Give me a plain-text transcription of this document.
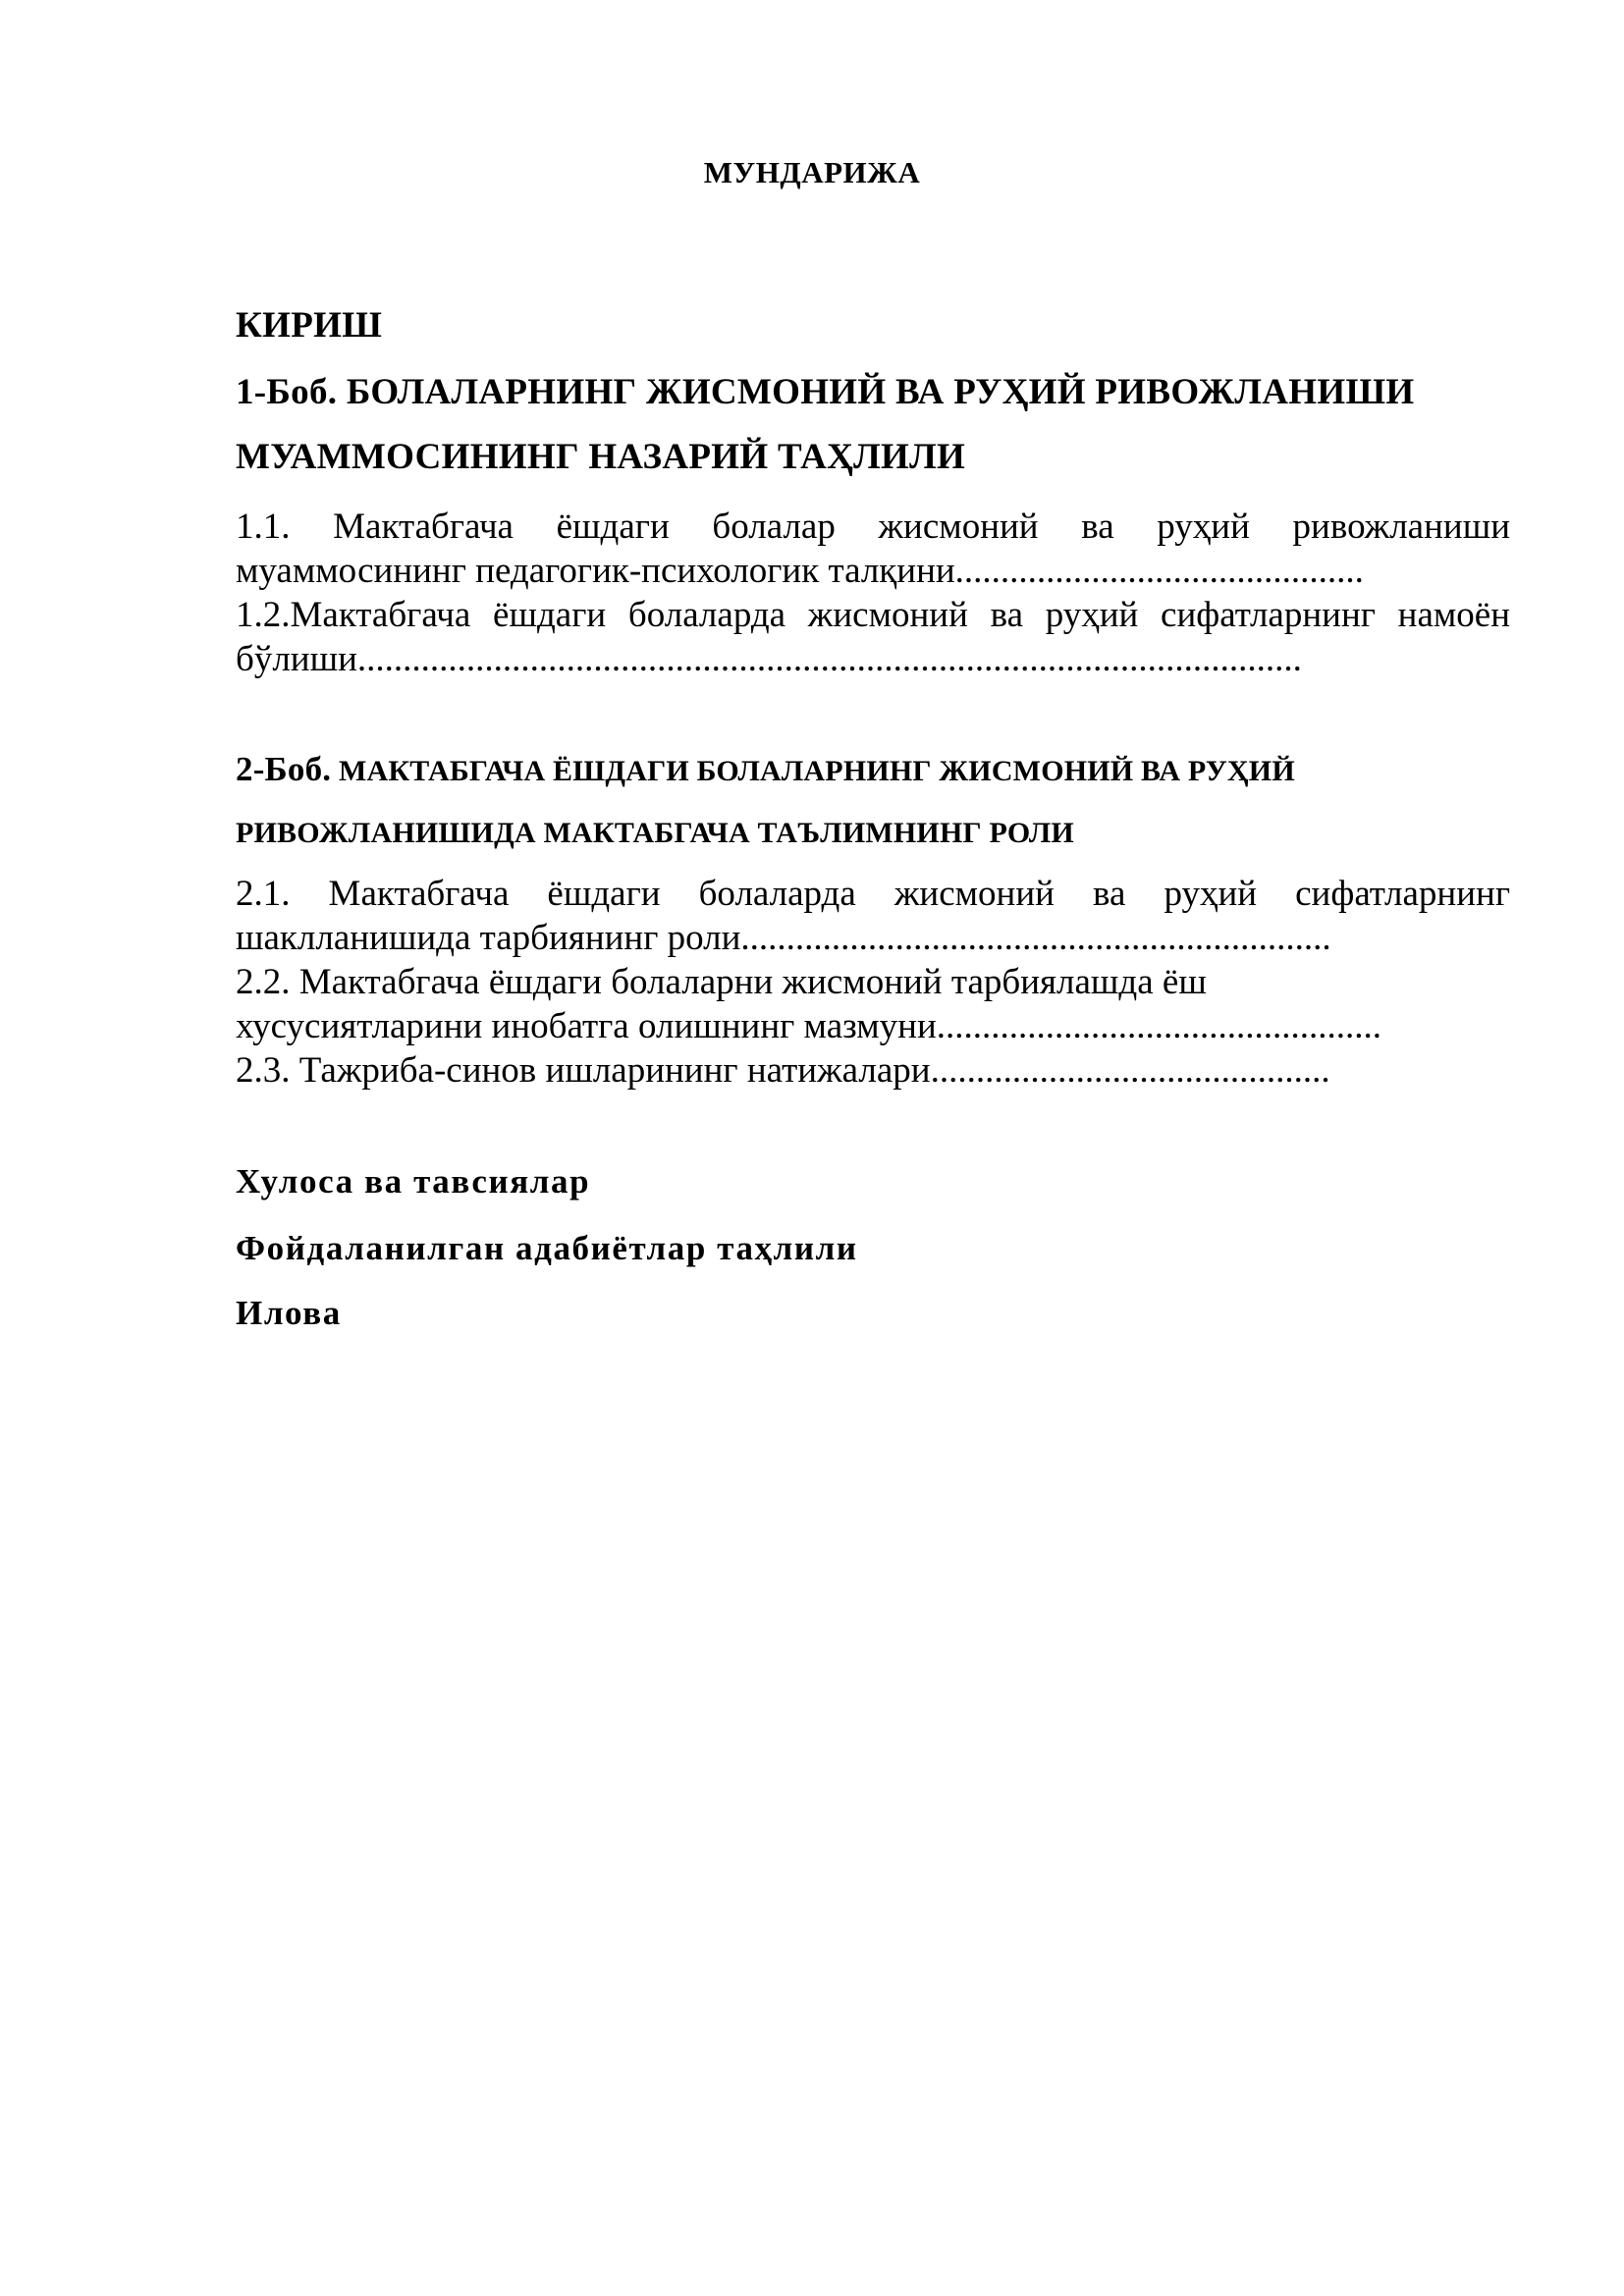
МУНДАРИЖА
КИРИШ
1-Боб. БОЛАЛАРНИНГ ЖИСМОНИЙ ВА РУҲИЙ РИВОЖЛАНИШИ
МУАММОСИНИНГ НАЗАРИЙ ТАҲЛИЛИ
1.1. Мактабгача ёшдаги болалар жисмоний ва руҳий ривожланиши
муаммосининг педагогик-психологик талқини.............................................
1.2.Мактабгача ёшдаги болаларда жисмоний ва руҳий сифатларнинг намоён
бўлиши........................................................................................................
2-Боб. МАКТАБГАЧА ЁШДАГИ БОЛАЛАРНИНГ ЖИСМОНИЙ ВА РУҲИЙ
РИВОЖЛАНИШИДА МАКТАБГАЧА ТАЪЛИМНИНГ РОЛИ
2.1. Мактабгача ёшдаги болаларда жисмоний ва руҳий сифатларнинг
шаклланишида тарбиянинг роли.................................................................
2.2. Мактабгача ёшдаги болаларни жисмоний тарбиялашда ёш
хусусиятларини инобатга олишнинг мазмуни.................................................
2.3. Тажриба-синов ишларининг натижалари............................................
Хулоса ва тавсиялар
Фойдаланилган адабиётлар таҳлили
Илова
